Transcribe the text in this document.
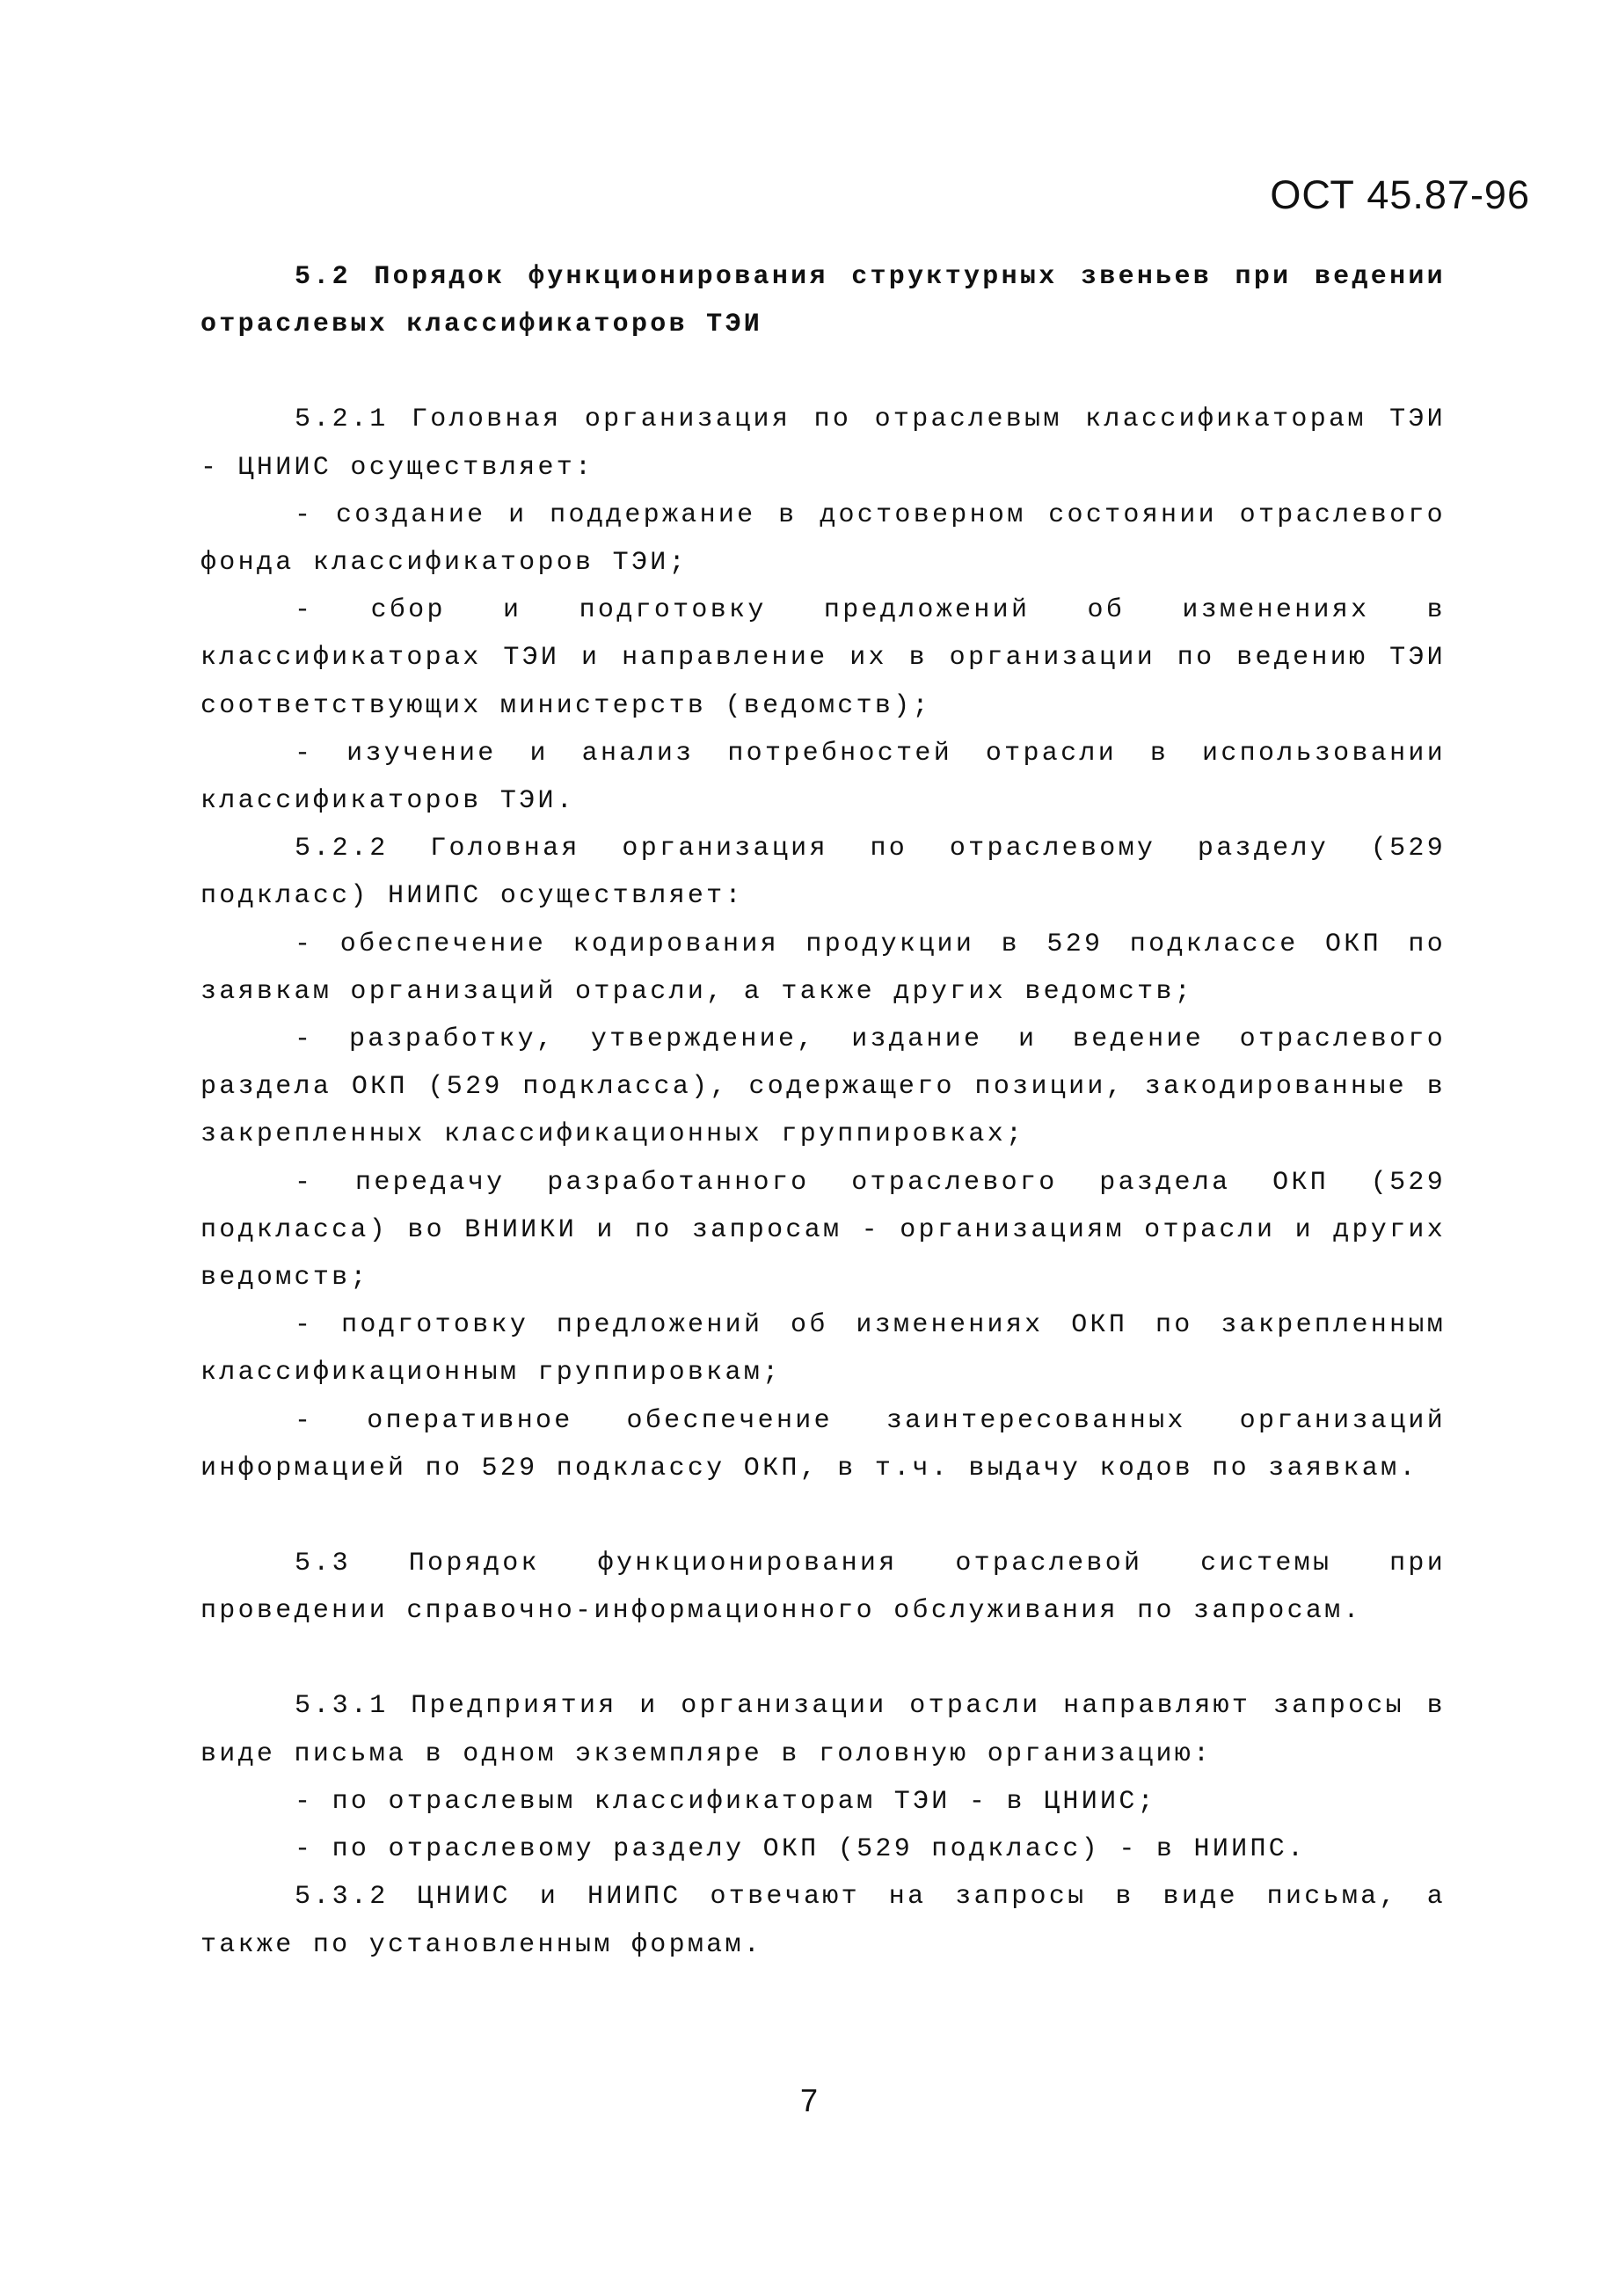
ОСТ 45.87-96

5.2 Порядок функционирования структурных звеньев при ведении отраслевых классификаторов ТЭИ

5.2.1 Головная организация по отраслевым классификаторам ТЭИ - ЦНИИС осуществляет:

- создание и поддержание в достоверном состоянии отраслевого фонда классификаторов ТЭИ;

- сбор и подготовку предложений об изменениях в классификаторах ТЭИ и направление их в организации по ведению ТЭИ соответствующих министерств (ведомств);

- изучение и анализ потребностей отрасли в использовании классификаторов ТЭИ.

5.2.2 Головная организация по отраслевому разделу (529 подкласс) НИИПС осуществляет:

- обеспечение кодирования продукции в 529 подклассе ОКП по заявкам организаций отрасли, а также других ведомств;

- разработку, утверждение, издание и ведение отраслевого раздела ОКП (529 подкласса), содержащего позиции, закодированные в закрепленных классификационных группировках;

- передачу разработанного отраслевого раздела ОКП (529 подкласса) во ВНИИКИ и по запросам - организациям отрасли и других ведомств;

- подготовку предложений об изменениях ОКП по закрепленным классификационным группировкам;

- оперативное обеспечение заинтересованных организаций информацией по 529 подклассу ОКП, в т.ч. выдачу кодов по заявкам.

5.3 Порядок функционирования отраслевой системы при проведении справочно-информационного обслуживания по запросам.

5.3.1 Предприятия и организации отрасли направляют запросы в виде письма в одном экземпляре в головную организацию:

- по отраслевым классификаторам ТЭИ - в ЦНИИС;

- по отраслевому разделу ОКП (529 подкласс) - в НИИПС.

5.3.2 ЦНИИС и НИИПС отвечают на запросы в виде письма, а также по установленным формам.

7
